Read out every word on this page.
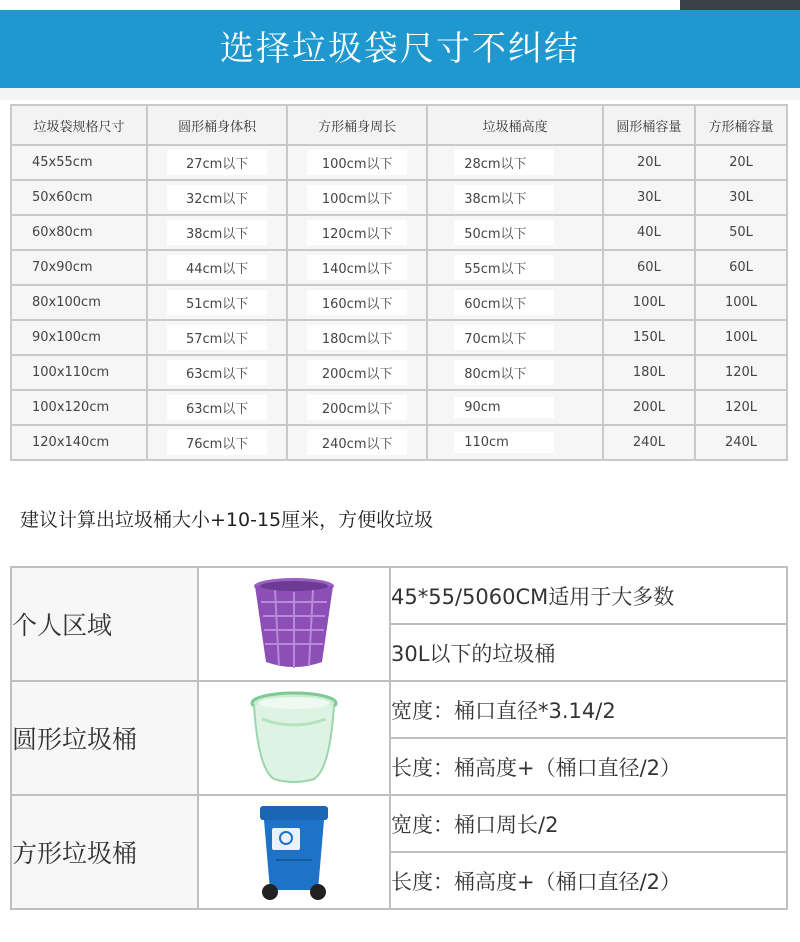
选择垃圾袋尺寸不纠结
垃圾袋规格尺寸	圆形桶身体积	方形桶身周长	垃圾桶高度	圆形桶容量	方形桶容量
45x55cm	27cm以下	100cm以下	28cm以下	20L	20L
50x60cm	32cm以下	100cm以下	38cm以下	30L	30L
60x80cm	38cm以下	120cm以下	50cm以下	40L	50L
70x90cm	44cm以下	140cm以下	55cm以下	60L	60L
80x100cm	51cm以下	160cm以下	60cm以下	100L	100L
90x100cm	57cm以下	180cm以下	70cm以下	150L	100L
100x110cm	63cm以下	200cm以下	80cm以下	180L	120L
100x120cm	63cm以下	200cm以下	90cm	200L	120L
120x140cm	76cm以下	240cm以下	110cm	240L	240L
建议计算出垃圾桶大小+10-15厘米，方便收垃圾
个人区域		45*55/5060CM适用于大多数
		30L以下的垃圾桶
圆形垃圾桶		宽度：桶口直径*3.14/2
		长度：桶高度+（桶口直径/2）
方形垃圾桶		宽度：桶口周长/2
		长度：桶高度+（桶口直径/2）
